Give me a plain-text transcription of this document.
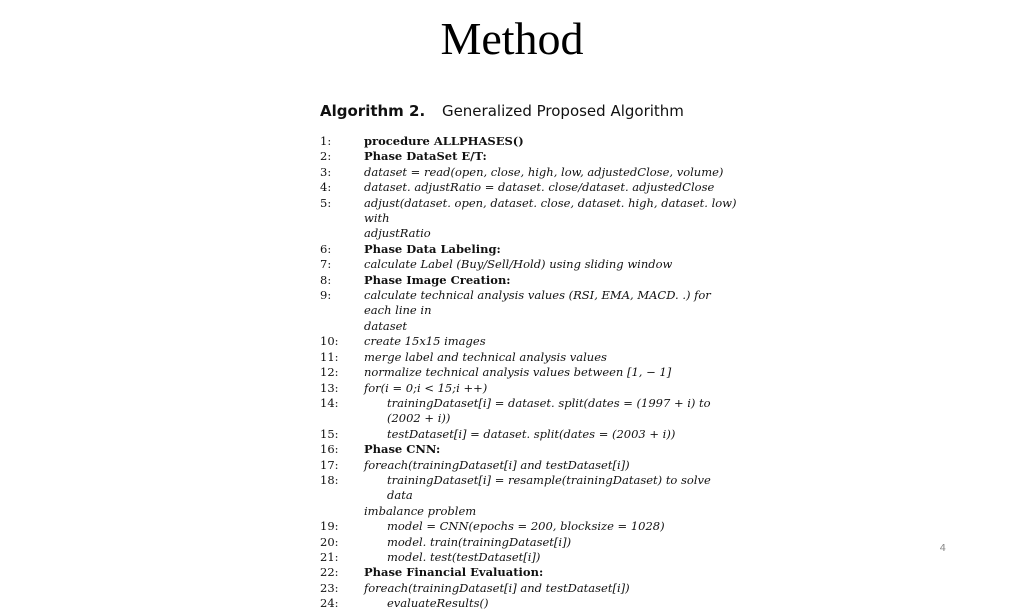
Method
Algorithm 2. Generalized Proposed Algorithm
1:	procedure ALLPHASES()
2:	Phase DataSet E/T:
3:	dataset = read(open, close, high, low, adjustedClose, volume)
4:	dataset. adjustRatio = dataset. close/dataset. adjustedClose
5:	adjust(dataset. open, dataset. close, dataset. high, dataset. low) with
adjustRatio
6:	Phase Data Labeling:
7:	calculate Label (Buy/Sell/Hold) using sliding window
8:	Phase Image Creation:
9:	calculate technical analysis values (RSI, EMA, MACD. .) for each line in
dataset
10:	create 15x15 images
11:	merge label and technical analysis values
12:	normalize technical analysis values between [1, − 1]
13:	for(i = 0;i < 15;i ++)
14:	trainingDataset[i] = dataset. split(dates = (1997 + i) to (2002 + i))
15:	testDataset[i] = dataset. split(dates = (2003 + i))
16:	Phase CNN:
17:	foreach(trainingDataset[i] and testDataset[i])
18:	trainingDataset[i] = resample(trainingDataset) to solve data
imbalance problem
19:	model = CNN(epochs = 200, blocksize = 1028)
20:	model. train(trainingDataset[i])
21:	model. test(testDataset[i])
22:	Phase Financial Evaluation:
23:	foreach(trainingDataset[i] and testDataset[i])
24:	evaluateResults()
4
